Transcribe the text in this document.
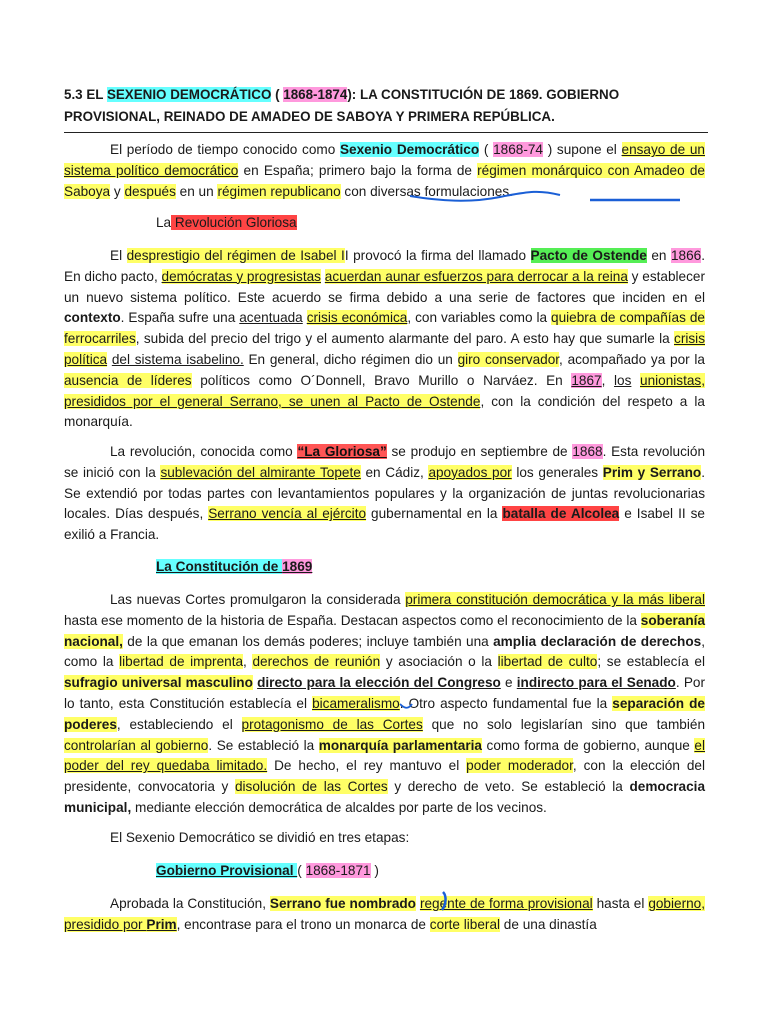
5.3 EL SEXENIO DEMOCRÁTICO ( 1868-1874): LA CONSTITUCIÓN DE 1869. GOBIERNO PROVISIONAL, REINADO DE AMADEO DE SABOYA Y PRIMERA REPÚBLICA.
El período de tiempo conocido como Sexenio Democrático ( 1868-74 ) supone el ensayo de un sistema político democrático en España; primero bajo la forma de régimen monárquico con Amadeo de Saboya y después en un régimen republicano con diversas formulaciones.
La Revolución Gloriosa
El desprestigio del régimen de Isabel II provocó la firma del llamado Pacto de Ostende en 1866. En dicho pacto, demócratas y progresistas acuerdan aunar esfuerzos para derrocar a la reina y establecer un nuevo sistema político. Este acuerdo se firma debido a una serie de factores que inciden en el contexto. España sufre una acentuada crisis económica, con variables como la quiebra de compañías de ferrocarriles, subida del precio del trigo y el aumento alarmante del paro. A esto hay que sumarle la crisis política del sistema isabelino. En general, dicho régimen dio un giro conservador, acompañado ya por la ausencia de líderes políticos como O´Donnell, Bravo Murillo o Narváez. En 1867, los unionistas, presididos por el general Serrano, se unen al Pacto de Ostende, con la condición del respeto a la monarquía.
La revolución, conocida como “La Gloriosa” se produjo en septiembre de 1868. Esta revolución se inició con la sublevación del almirante Topete en Cádiz, apoyados por los generales Prim y Serrano. Se extendió por todas partes con levantamientos populares y la organización de juntas revolucionarias locales. Días después, Serrano vencía al ejército gubernamental en la batalla de Alcolea e Isabel II se exilió a Francia.
La Constitución de 1869
Las nuevas Cortes promulgaron la considerada primera constitución democrática y la más liberal hasta ese momento de la historia de España. Destacan aspectos como el reconocimiento de la soberanía nacional, de la que emanan los demás poderes; incluye también una amplia declaración de derechos, como la libertad de imprenta, derechos de reunión y asociación o la libertad de culto; se establecía el sufragio universal masculino directo para la elección del Congreso e indirecto para el Senado. Por lo tanto, esta Constitución establecía el bicameralismo. Otro aspecto fundamental fue la separación de poderes, estableciendo el protagonismo de las Cortes que no solo legislarían sino que también controlarían al gobierno. Se estableció la monarquía parlamentaria como forma de gobierno, aunque el poder del rey quedaba limitado. De hecho, el rey mantuvo el poder moderador, con la elección del presidente, convocatoria y disolución de las Cortes y derecho de veto. Se estableció la democracia municipal, mediante elección democrática de alcaldes por parte de los vecinos.
El Sexenio Democrático se dividió en tres etapas:
Gobierno Provisional ( 1868-1871 )
Aprobada la Constitución, Serrano fue nombrado regente de forma provisional hasta el gobierno, presidido por Prim, encontrase para el trono un monarca de corte liberal de una dinastía
